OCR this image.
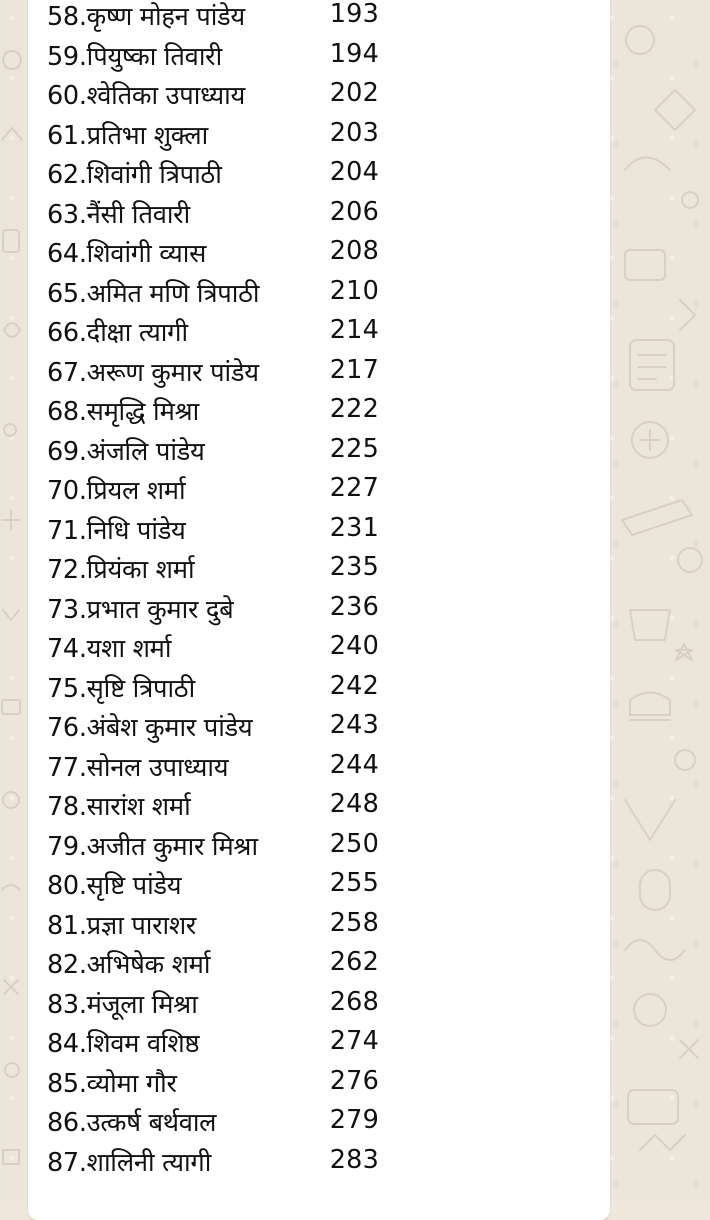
58.कृष्ण मोहन पांडेय	193
59.पियुष्का तिवारी	194
60.श्वेतिका उपाध्याय	202
61.प्रतिभा शुक्ला	203
62.शिवांगी त्रिपाठी	204
63.नैंसी तिवारी	206
64.शिवांगी व्यास	208
65.अमित मणि त्रिपाठी	210
66.दीक्षा त्यागी	214
67.अरूण कुमार पांडेय	217
68.समृद्धि मिश्रा	222
69.अंजलि पांडेय	225
70.प्रियल शर्मा	227
71.निधि पांडेय	231
72.प्रियंका शर्मा	235
73.प्रभात कुमार दुबे	236
74.यशा शर्मा	240
75.सृष्टि त्रिपाठी	242
76.अंबेश कुमार पांडेय	243
77.सोनल उपाध्याय	244
78.सारांश शर्मा	248
79.अजीत कुमार मिश्रा	250
80.सृष्टि पांडेय	255
81.प्रज्ञा पाराशर	258
82.अभिषेक शर्मा	262
83.मंजूला मिश्रा	268
84.शिवम वशिष्ठ	274
85.व्योमा गौर	276
86.उत्कर्ष बर्थवाल	279
87.शालिनी त्यागी	283
